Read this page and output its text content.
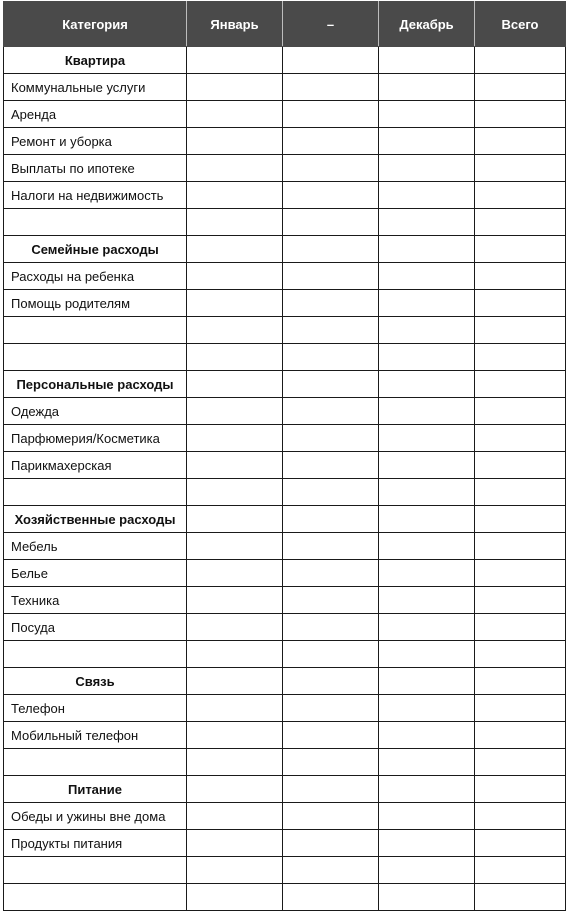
Категория	Январь	–	Декабрь	Всего
Квартира				
Коммунальные услуги				
Аренда				
Ремонт и уборка				
Выплаты по ипотеке				
Налоги на недвижимость				

Семейные расходы				
Расходы на ребенка				
Помощь родителям				

Персональные расходы				
Одежда				
Парфюмерия/Косметика				
Парикмахерская				

Хозяйственные расходы				
Мебель				
Белье				
Техника				
Посуда				

Связь				
Телефон				
Мобильный телефон				

Питание				
Обеды и ужины вне дома				
Продукты питания				
